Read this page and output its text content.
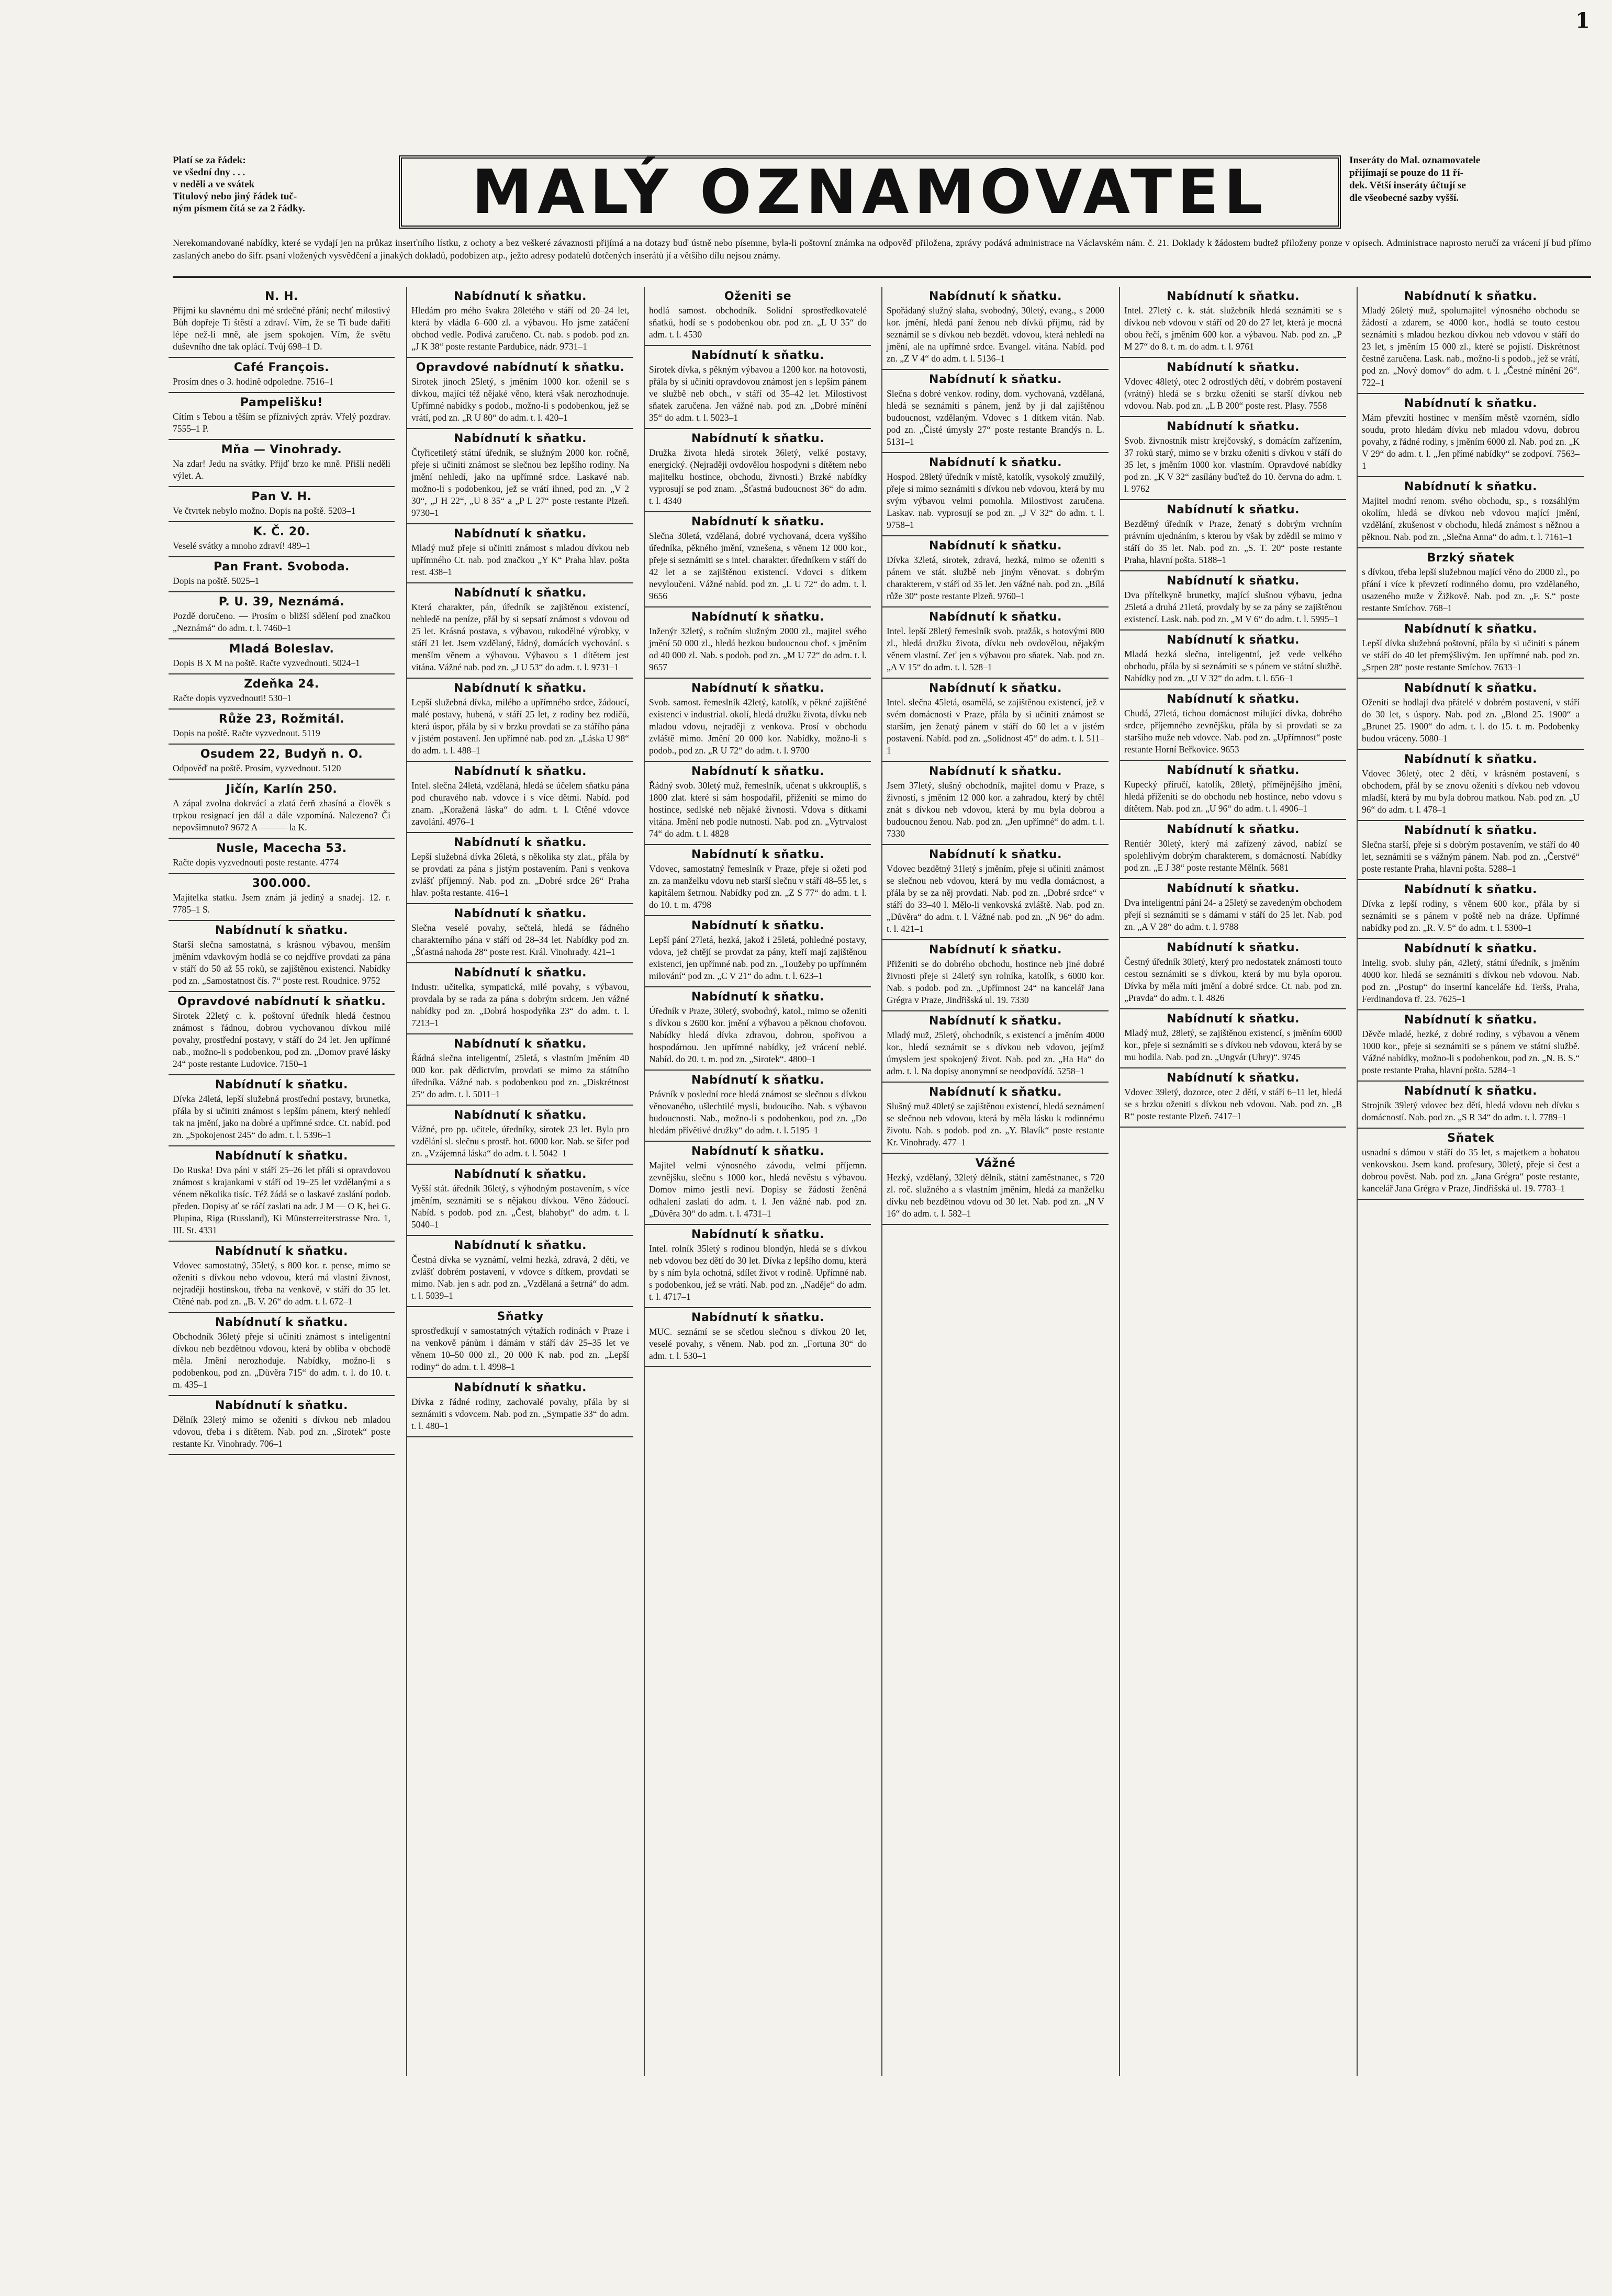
1
Platí se za řádek:
ve všední dny . . .
v neděli a ve svátek
Titulový nebo jiný řádek tuč-
ným písmem čítá se za 2 řádky.	MALÝ OZNAMOVATEL	Inseráty do Mal. oznamovatele
přijímají se pouze do 11 ří-
dek. Větší inseráty účtují se
dle všeobecné sazby vyšší.
Nerekomandované nabídky, které se vydají jen na průkaz inserťního lístku, z ochoty a bez veškeré závaznosti přijímá a na dotazy buď ústně nebo písemne, byla-li poštovní známka na odpověď přiložena, zprávy podává administrace na Václavském nám. č. 21. Doklady k žádostem budtež přiloženy ponze v opisech. Administrace naprosto neručí za vrácení jí bud přímo zaslaných anebo do šifr. psaní vložených vysvědčení a jinakých dokladů, podobizen atp., ježto adresy podatelů dotčených inserátů jí a většího dílu nejsou známy.
N. H.
Přijmi ku slavnému dni mé srdečné přání; nechť milostivý Bůh dopřeje Ti štěstí a zdraví. Vím, že se Ti bude dařiti lépe než-li mně, ale jsem spokojen. Vím, že světu duševního dne tak oplácí. Tvůj 698–1 D.
Café François.
Prosím dnes o 3. hodině odpoledne. 7516–1
Pampelišku!
Cítím s Tebou a těším se příznivých zpráv. Vřelý pozdrav. 7555–1 P.
Mňa — Vinohrady.
Na zdar! Jedu na svátky. Přijď brzo ke mně. Přišli neděli výlet. A.
Pan V. H.
Ve čtvrtek nebylo možno. Dopis na poště. 5203–1
K. Č. 20.
Veselé svátky a mnoho zdraví! 489–1
Pan Frant. Svoboda.
Dopis na poště. 5025–1
P. U. 39, Neznámá.
Pozdě doručeno. — Prosím o bližší sdělení pod značkou „Neznámá“ do adm. t. l. 7460–1
Mladá Boleslav.
Dopis B X M na poště. Račte vyzvednouti. 5024–1
Zdeňka 24.
Račte dopis vyzvednouti! 530–1
Růže 23, Rožmitál.
Dopis na poště. Račte vyzvednout. 5119
Osudem 22, Budyň n. O.
Odpověď na poště. Prosím, vyzvednout. 5120
Jičín, Karlín 250.
A zápal zvolna dokrvácí a zlatá čerň zhasíná a člověk s trpkou resignací jen dál a dále vzpomíná. Nalezeno? Či nepovšimnuto? 9672 A ——— la K.
Nusle, Macecha 53.
Račte dopis vyzvednouti poste restante. 4774
300.000.
Majitelka statku. Jsem znám já jediný a snadej. 12. r. 7785–1 S.
Nabídnutí k sňatku.
Starší slečna samostatná, s krásnou výbavou, menším jměním vdavkovým hodlá se co nejdříve provdati za pána v stáří do 50 až 55 roků, se zajištěnou existencí. Nabídky pod zn. „Samostatnost čís. 7“ poste rest. Roudnice. 9752
Opravdové nabídnutí k sňatku.
Sirotek 22letý c. k. poštovní úředník hledá čestnou známost s řádnou, dobrou vychovanou dívkou milé povahy, prostřední postavy, v stáří do 24 let. Jen upřímné nab., možno-li s podobenkou, pod zn. „Domov pravé lásky 24“ poste restante Ludovice. 7150–1
Nabídnutí k sňatku.
Dívka 24letá, lepší služebná prostřední postavy, brunetka, přála by si učiniti známost s lepším pánem, který nehledí tak na jmění, jako na dobré a upřímné srdce. Ct. nabíd. pod zn. „Spokojenost 245“ do adm. t. l. 5396–1
Nabídnutí k sňatku.
Do Ruska! Dva páni v stáří 25–26 let přáli si opravdovou známost s krajankami v stáří od 19–25 let vzdělanými a s vénem několika tisíc. Též žádá se o laskavé zaslání podob. předen. Dopisy ať se ráčí zaslati na adr. J M — O K, bei G. Plupina, Riga (Russland), Ki Münsterreiterstrasse Nro. 1, III. St. 4331
Nabídnutí k sňatku.
Vdovec samostatný, 35letý, s 800 kor. r. pense, mimo se oženiti s dívkou nebo vdovou, která má vlastní živnost, nejraději hostinskou, třeba na venkově, v stáří do 35 let. Ctěné nab. pod zn. „B. V. 26“ do adm. t. l. 672–1
Nabídnutí k sňatku.
Obchodník 36letý přeje si učiniti známost s inteligentní dívkou neb bezdětnou vdovou, která by obliba v obchodě měla. Jmění nerozhoduje. Nabídky, možno-li s podobenkou, pod zn. „Důvěra 715“ do adm. t. l. do 10. t. m. 435–1
Nabídnutí k sňatku.
Dělník 23letý mimo se oženiti s dívkou neb mladou vdovou, třeba i s dítětem. Nab. pod zn. „Sirotek“ poste restante Kr. Vinohrady. 706–1
Nabídnutí k sňatku.
Hledám pro mého švakra 28letého v stáří od 20–24 let, která by vládla 6–600 zl. a výbavou. Ho jsme zatáčení obchod vedle. Podivá zaručeno. Ct. nab. s podob. pod zn. „J K 38“ poste restante Pardubice, nádr. 9731–1
Opravdové nabídnutí k sňatku.
Sirotek jinoch 25letý, s jměním 1000 kor. oženil se s dívkou, mající též nějaké věno, která však nerozhodnuje. Upřímné nabídky s podob., možno-li s podobenkou, jež se vrátí, pod zn. „R U 80“ do adm. t. l. 420–1
Nabídnutí k sňatku.
Čtyřicetiletý státní úředník, se služným 2000 kor. ročně, přeje si učiniti známost se slečnou bez lepšího rodiny. Na jmění nehledí, jako na upřímné srdce. Laskavé nab. možno-li s podobenkou, jež se vrátí ihned, pod zn. „V 2 30“, „J H 22“, „U 8 35“ a „P L 27“ poste restante Plzeň. 9730–1
Nabídnutí k sňatku.
Mladý muž přeje si učiniti známost s mladou dívkou neb upřímného Ct. nab. pod značkou „Y K“ Praha hlav. pošta rest. 438–1
Nabídnutí k sňatku.
Která charakter, pán, úředník se zajištěnou existencí, nehledě na peníze, přál by si sepsatí známost s vdovou od 25 let. Krásná postava, s výbavou, rukodělné výrobky, v stáří 21 let. Jsem vzdělaný, řádný, domácích vychování. s menším věnem a výbavou. Výbavou s 1 dítětem jest vitána. Vážné nab. pod zn. „J U 53“ do adm. t. l. 9731–1
Nabídnutí k sňatku.
Lepší služebná dívka, milého a upřímného srdce, žádoucí, malé postavy, hubená, v stáří 25 let, z rodiny bez rodičů, která úspor, přála by si v brzku provdati se za stářího pána v jistém postavení. Jen upřímné nab. pod zn. „Láska U 98“ do adm. t. l. 488–1
Nabídnutí k sňatku.
Intel. slečna 24letá, vzdělaná, hledá se účelem sňatku pána pod churavého nab. vdovce i s více dětmi. Nabíd. pod znam. „Koražená láska“ do adm. t. l. Ctěné vdovce zavolání. 4976–1
Nabídnutí k sňatku.
Lepší služebná dívka 26letá, s několika sty zlat., přála by se provdati za pána s jistým postavením. Pani s venkova zvlášť příjemný. Nab. pod zn. „Dobré srdce 26“ Praha hlav. pošta restante. 416–1
Nabídnutí k sňatku.
Slečna veselé povahy, sečtelá, hledá se řádného charakterního pána v stáří od 28–34 let. Nabídky pod zn. „Šťastná nahoda 28“ poste rest. Král. Vinohrady. 421–1
Nabídnutí k sňatku.
Industr. učitelka, sympatická, milé povahy, s výbavou, provdala by se rada za pána s dobrým srdcem. Jen vážné nabídky pod zn. „Dobrá hospodyňka 23“ do adm. t. l. 7213–1
Nabídnutí k sňatku.
Řádná slečna inteligentní, 25letá, s vlastním jměním 40 000 kor. pak dědictvím, provdati se mimo za státního úředníka. Vážné nab. s podobenkou pod zn. „Diskrétnost 25“ do adm. t. l. 5011–1
Nabídnutí k sňatku.
Vážné, pro pp. učitele, úředníky, sirotek 23 let. Byla pro vzdělání sl. slečnu s prostř. hot. 6000 kor. Nab. se šifer pod zn. „Vzájemná láska“ do adm. t. l. 5042–1
Nabídnutí k sňatku.
Vyšší stát. úředník 36letý, s výhodným postavením, s více jměním, seznámiti se s nějakou dívkou. Věno žádoucí. Nabíd. s podob. pod zn. „Čest, blahobyt“ do adm. t. l. 5040–1
Nabídnutí k sňatku.
Čestná dívka se vyznámí, velmi hezká, zdravá, 2 děti, ve zvlášť dobrém postavení, v vdovce s dítkem, provdati se mimo. Nab. jen s adr. pod zn. „Vzdělaná a šetrná“ do adm. t. l. 5039–1
Sňatky
sprostředkují v samostatných výtažích rodinách v Praze i na venkově pánům i dámám v stáří dáv 25–35 let ve věnem 10–50 000 zl., 20 000 K nab. pod zn. „Lepší rodiny“ do adm. t. l. 4998–1
Nabídnutí k sňatku.
Dívka z řádné rodiny, zachovalé povahy, přála by si seznámiti s vdovcem. Nab. pod zn. „Sympatie 33“ do adm. t. l. 480–1
Oženiti se
hodlá samost. obchodník. Solidní sprostředkovatelé sňatků, hodí se s podobenkou obr. pod zn. „L U 35“ do adm. t. l. 4530
Nabídnutí k sňatku.
Sirotek dívka, s pěkným výbavou a 1200 kor. na hotovosti, přála by si učiniti opravdovou známost jen s lepším pánem ve službě neb obch., v stáří od 35–42 let. Milostivost sňatek zaručena. Jen vážné nab. pod zn. „Dobré mínění 35“ do adm. t. l. 5023–1
Nabídnutí k sňatku.
Družka života hledá sirotek 36letý, velké postavy, energický. (Nejraději ovdovělou hospodyni s dítětem nebo majitelku hostince, obchodu, živnosti.) Brzké nabídky vyprosují se pod znam. „Šťastná budoucnost 36“ do adm. t. l. 4340
Nabídnutí k sňatku.
Slečna 30letá, vzdělaná, dobré vychovaná, dcera vyššího úředníka, pěkného jmění, vznešena, s věnem 12 000 kor., přeje si seznámiti se s intel. charakter. úředníkem v stáří do 42 let a se zajištěnou existencí. Vdovci s dítkem nevyloučeni. Vážné nabíd. pod zn. „L U 72“ do adm. t. l. 9656
Nabídnutí k sňatku.
Inženýr 32letý, s ročním služným 2000 zl., majitel svého jmění 50 000 zl., hledá hezkou budoucnou chof. s jměním od 40 000 zl. Nab. s podob. pod zn. „M U 72“ do adm. t. l. 9657
Nabídnutí k sňatku.
Svob. samost. řemeslník 42letý, katolík, v pěkné zajištěné existenci v industrial. okolí, hledá družku života, dívku neb mladou vdovu, nejraději z venkova. Prosí v obchodu zvláště mimo. Jmění 20 000 kor. Nabídky, možno-li s podob., pod zn. „R U 72“ do adm. t. l. 9700
Nabídnutí k sňatku.
Řádný svob. 30letý muž, řemeslník, učenat s ukkrouplíš, s 1800 zlat. které si sám hospodařil, přiženiti se mimo do hostince, sedlské neb nějaké živnosti. Vdova s dítkami vitána. Jmění neb podle nutnosti. Nab. pod zn. „Vytrvalost 74“ do adm. t. l. 4828
Nabídnutí k sňatku.
Vdovec, samostatný řemeslník v Praze, přeje si ožeti pod zn. za manželku vdovu neb starší slečnu v stáří 48–55 let, s kapitálem šetrnou. Nabídky pod zn. „Z S 77“ do adm. t. l. do 10. t. m. 4798
Nabídnutí k sňatku.
Lepší pání 27letá, hezká, jakož i 25letá, pohledné postavy, vdova, jež chtějí se provdat za pány, kteří mají zajištěnou existenci, jen upřímné nab. pod zn. „Toužeby po upřímném milování“ pod zn. „C V 21“ do adm. t. l. 623–1
Nabídnutí k sňatku.
Úředník v Praze, 30letý, svobodný, katol., mimo se oženiti s dívkou s 2600 kor. jmění a výbavou a pěknou chofovou. Nabídky hledá dívka zdravou, dobrou, spořivou a hospodárnou. Jen upřímné nabídky, jež vrácení neblé. Nabíd. do 20. t. m. pod zn. „Sirotek“. 4800–1
Nabídnutí k sňatku.
Právník v poslední roce hledá známost se slečnou s dívkou věnovaného, ušlechtilé mysli, budoucího. Nab. s výbavou budoucnosti. Nab., možno-li s podobenkou, pod zn. „Do hledám přívětivé družky“ do adm. t. l. 5195–1
Nabídnutí k sňatku.
Majitel velmi výnosného závodu, velmi příjemn. zevnějšku, slečnu s 1000 kor., hledá nevěstu s výbavou. Domov mimo jestli neví. Dopisy se žádostí ženěná odhalení zaslati do adm. t. l. Jen vážné nab. pod zn. „Důvěra 30“ do adm. t. l. 4731–1
Nabídnutí k sňatku.
Intel. rolník 35letý s rodinou blondýn, hledá se s dívkou neb vdovou bez dětí do 30 let. Dívka z lepšího domu, která by s ním byla ochotná, sdílet život v rodině. Upřímné nab. s podobenkou, jež se vrátí. Nab. pod zn. „Naděje“ do adm. t. l. 4717–1
Nabídnutí k sňatku.
MUC. seznámí se se sčetlou slečnou s dívkou 20 let, veselé povahy, s věnem. Nab. pod zn. „Fortuna 30“ do adm. t. l. 530–1
Nabídnutí k sňatku.
Spořádaný služný slaha, svobodný, 30letý, evang., s 2000 kor. jmění, hledá paní ženou neb dívků přijmu, rád by seznámil se s dívkou neb bezdět. vdovou, která nehledí na jmění, ale na upřímné srdce. Evangel. vitána. Nabíd. pod zn. „Z V 4“ do adm. t. l. 5136–1
Nabídnutí k sňatku.
Slečna s dobré venkov. rodiny, dom. vychovaná, vzdělaná, hledá se seznámiti s pánem, jenž by ji dal zajištěnou budoucnost, vzdělaným. Vdovec s 1 dítkem vitán. Nab. pod zn. „Čisté úmysly 27“ poste restante Brandýs n. L. 5131–1
Nabídnutí k sňatku.
Hospod. 28letý úředník v místě, katolík, vysokolý zmužilý, přeje si mimo seznámiti s dívkou neb vdovou, která by mu svým výbavou velmi pomohla. Milostivost zaručena. Laskav. nab. vyprosují se pod zn. „J V 32“ do adm. t. l. 9758–1
Nabídnutí k sňatku.
Dívka 32letá, sirotek, zdravá, hezká, mimo se oženiti s pánem ve stát. službě neb jiným věnovat. s dobrým charakterem, v stáří od 35 let. Jen vážné nab. pod zn. „Bílá růže 30“ poste restante Plzeň. 9760–1
Nabídnutí k sňatku.
Intel. lepší 28letý řemeslník svob. pražák, s hotovými 800 zl., hledá družku života, dívku neb ovdovělou, nějakým věnem vlastní. Zeť jen s výbavou pro sňatek. Nab. pod zn. „A V 15“ do adm. t. l. 528–1
Nabídnutí k sňatku.
Intel. slečna 45letá, osamělá, se zajištěnou existencí, jež v svém domácnosti v Praze, přála by si učiniti známost se starším, jen ženatý pánem v stáří do 60 let a v jistém postavení. Nabíd. pod zn. „Solidnost 45“ do adm. t. l. 511–1
Nabídnutí k sňatku.
Jsem 37letý, slušný obchodník, majitel domu v Praze, s živností, s jměním 12 000 kor. a zahradou, který by chtěl znát s dívkou neb vdovou, která by mu byla dobrou a budoucnou ženou. Nab. pod zn. „Jen upřímné“ do adm. t. l. 7330
Nabídnutí k sňatku.
Vdovec bezdětný 31letý s jměním, přeje si učiniti známost se slečnou neb vdovou, která by mu vedla domácnost, a přála by se za něj provdati. Nab. pod zn. „Dobré srdce“ v stáří do 33–40 l. Mělo-li venkovská zvláště. Nab. pod zn. „Důvěra“ do adm. t. l. Vážné nab. pod zn. „N 96“ do adm. t. l. 421–1
Nabídnutí k sňatku.
Přiženiti se do dobrého obchodu, hostince neb jiné dobré živnosti přeje si 24letý syn rolníka, katolík, s 6000 kor. Nab. s podob. pod zn. „Upřímnost 24“ na kancelář Jana Grégra v Praze, Jindřišská ul. 19. 7330
Nabídnutí k sňatku.
Mladý muž, 25letý, obchodník, s existencí a jměním 4000 kor., hledá seznámit se s dívkou neb vdovou, jejímž úmyslem jest spokojený život. Nab. pod zn. „Ha Ha“ do adm. t. l. Na dopisy anonymní se neodpovídá. 5258–1
Nabídnutí k sňatku.
Slušný muž 40letý se zajištěnou existencí, hledá seznámení se slečnou neb vdovou, která by měla lásku k rodinnému životu. Nab. s podob. pod zn. „Y. Blavík“ poste restante Kr. Vinohrady. 477–1
Vážné
Hezký, vzdělaný, 32letý dělník, státní zaměstnanec, s 720 zl. roč. služného a s vlastním jměním, hledá za manželku dívku neb bezdětnou vdovu od 30 let. Nab. pod zn. „N V 16“ do adm. t. l. 582–1
Nabídnutí k sňatku.
Intel. 27letý c. k. stát. služebník hledá seznámiti se s dívkou neb vdovou v stáří od 20 do 27 let, která je mocná obou řečí, s jměním 600 kor. a výbavou. Nab. pod zn. „P M 27“ do 8. t. m. do adm. t. l. 9761
Nabídnutí k sňatku.
Vdovec 48letý, otec 2 odrostlých dětí, v dobrém postavení (vrátný) hledá se s brzku oženiti se starší dívkou neb vdovou. Nab. pod zn. „L B 200“ poste rest. Plasy. 7558
Nabídnutí k sňatku.
Svob. živnostník mistr krejčovský, s domácím zařízením, 37 roků starý, mimo se v brzku oženiti s dívkou v stáří do 35 let, s jměním 1000 kor. vlastním. Opravdové nabídky pod zn. „K V 32“ zasílány buďtež do 10. června do adm. t. l. 9762
Nabídnutí k sňatku.
Bezdětný úředník v Praze, ženatý s dobrým vrchním právním ujednáním, s kterou by však by zdědil se mimo v stáří do 35 let. Nab. pod zn. „S. T. 20“ poste restante Praha, hlavní pošta. 5188–1
Nabídnutí k sňatku.
Dva přítelkyně brunetky, mající slušnou výbavu, jedna 25letá a druhá 21letá, provdaly by se za pány se zajištěnou existencí. Lask. nab. pod zn. „M V 6“ do adm. t. l. 5995–1
Nabídnutí k sňatku.
Mladá hezká slečna, inteligentní, jež vede velkého obchodu, přála by si seznámiti se s pánem ve státní službě. Nabídky pod zn. „U V 32“ do adm. t. l. 656–1
Nabídnutí k sňatku.
Chudá, 27letá, tichou domácnost milující dívka, dobrého srdce, příjemného zevnějšku, přála by si provdati se za staršího muže neb vdovce. Nab. pod zn. „Upřímnost“ poste restante Horní Beřkovice. 9653
Nabídnutí k sňatku.
Kupecký příručí, katolík, 28letý, přímějnějšího jmění, hledá přiženiti se do obchodu neb hostince, nebo vdovu s dítětem. Nab. pod zn. „U 96“ do adm. t. l. 4906–1
Nabídnutí k sňatku.
Rentiér 30letý, který má zařízený závod, nabízí se spolehlivým dobrým charakterem, s domácností. Nabídky pod zn. „E J 38“ poste restante Mělník. 5681
Nabídnutí k sňatku.
Dva inteligentní páni 24- a 25letý se zavedeným obchodem přejí si seznámiti se s dámami v stáří do 25 let. Nab. pod zn. „A V 28“ do adm. t. l. 9788
Nabídnutí k sňatku.
Čestný úředník 30letý, který pro nedostatek známosti touto cestou seznámiti se s dívkou, která by mu byla oporou. Dívka by měla míti jmění a dobré srdce. Ct. nab. pod zn. „Pravda“ do adm. t. l. 4826
Nabídnutí k sňatku.
Mladý muž, 28letý, se zajištěnou existencí, s jměním 6000 kor., přeje si seznámiti se s dívkou neb vdovou, která by se mu hodila. Nab. pod zn. „Ungvár (Uhry)“. 9745
Nabídnutí k sňatku.
Vdovec 39letý, dozorce, otec 2 dětí, v stáří 6–11 let, hledá se s brzku oženiti s dívkou neb vdovou. Nab. pod zn. „B R“ poste restante Plzeň. 7417–1
Nabídnutí k sňatku.
Mladý 26letý muž, spolumajitel výnosného obchodu se žádostí a zdarem, se 4000 kor., hodlá se touto cestou seznámiti s mladou hezkou dívkou neb vdovou v stáří do 23 let, s jměním 15 000 zl., které se pojistí. Diskrétnost čestně zaručena. Lask. nab., možno-li s podob., jež se vrátí, pod zn. „Nový domov“ do adm. t. l. „Čestné mínění 26“. 722–1
Nabídnutí k sňatku.
Mám převzíti hostinec v menším městě vzorném, sídlo soudu, proto hledám dívku neb mladou vdovu, dobrou povahy, z řádné rodiny, s jměním 6000 zl. Nab. pod zn. „K V 29“ do adm. t. l. „Jen přímé nabídky“ se zodpoví. 7563–1
Nabídnutí k sňatku.
Majitel modní renom. svého obchodu, sp., s rozsáhlým okolím, hledá se dívkou neb vdovou mající jmění, vzdělání, zkušenost v obchodu, hledá známost s něžnou a pěknou. Nab. pod zn. „Slečna Anna“ do adm. t. l. 7161–1
Brzký sňatek
s dívkou, třeba lepší služebnou mající věno do 2000 zl., po přání i více k převzetí rodinného domu, pro vzdělaného, usazeného muže v Žižkově. Nab. pod zn. „F. S.“ poste restante Smíchov. 768–1
Nabídnutí k sňatku.
Lepší dívka služebná poštovní, přála by si učiniti s pánem ve stáří do 40 let přemýšlivým. Jen upřímné nab. pod zn. „Srpen 28“ poste restante Smíchov. 7633–1
Nabídnutí k sňatku.
Oženiti se hodlají dva přátelé v dobrém postavení, v stáří do 30 let, s úspory. Nab. pod zn. „Blond 25. 1900“ a „Brunet 25. 1900“ do adm. t. l. do 15. t. m. Podobenky budou vráceny. 5080–1
Nabídnutí k sňatku.
Vdovec 36letý, otec 2 dětí, v krásném postavení, s obchodem, přál by se znovu oženiti s dívkou neb vdovou mladší, která by mu byla dobrou matkou. Nab. pod zn. „U 96“ do adm. t. l. 478–1
Nabídnutí k sňatku.
Slečna starší, přeje si s dobrým postavením, ve stáří do 40 let, seznámiti se s vážným pánem. Nab. pod zn. „Čerstvé“ poste restante Praha, hlavní pošta. 5288–1
Nabídnutí k sňatku.
Dívka z lepší rodiny, s věnem 600 kor., přála by si seznámiti se s pánem v poště neb na dráze. Upřímné nabídky pod zn. „R. V. 5“ do adm. t. l. 5300–1
Nabídnutí k sňatku.
Intelig. svob. sluhy pán, 42letý, státní úředník, s jměním 4000 kor. hledá se seznámiti s dívkou neb vdovou. Nab. pod zn. „Postup“ do insertní kanceláře Ed. Teršs, Praha, Ferdinandova tř. 23. 7625–1
Nabídnutí k sňatku.
Děvče mladé, hezké, z dobré rodiny, s výbavou a věnem 1000 kor., přeje si seznámiti se s pánem ve státní službě. Vážné nabídky, možno-li s podobenkou, pod zn. „N. B. S.“ poste restante Praha, hlavní pošta. 5284–1
Nabídnutí k sňatku.
Strojník 39letý vdovec bez dětí, hledá vdovu neb dívku s domácností. Nab. pod zn. „S R 34“ do adm. t. l. 7789–1
Sňatek
usnadní s dámou v stáří do 35 let, s majetkem a bohatou venkovskou. Jsem kand. profesury, 30letý, přeje si čest a dobrou pověst. Nab. pod zn. „Jana Grégra“ poste restante, kancelář Jana Grégra v Praze, Jindřišská ul. 19. 7783–1
